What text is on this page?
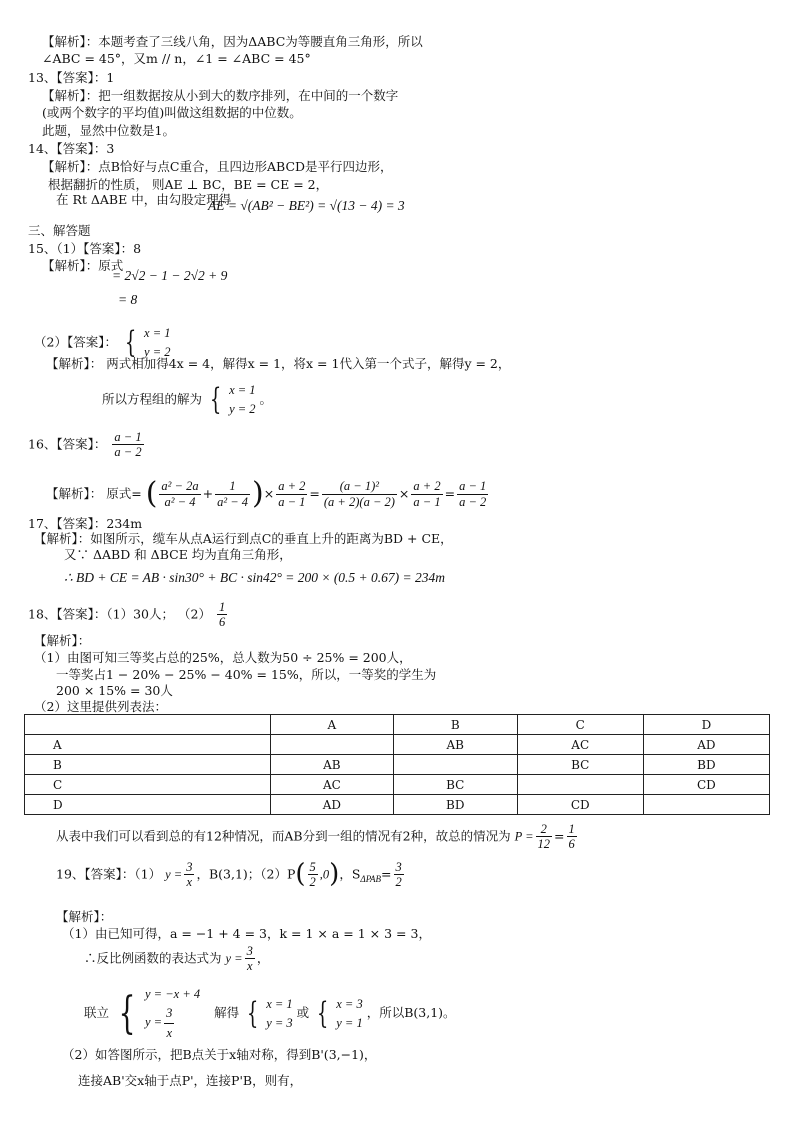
【解析】：本题考查了三线八角，因为ΔABC为等腰直角三角形，所以
∠ABC = 45°，又m // n，∠1 = ∠ABC = 45°
13、【答案】：1
【解析】：把一组数据按从小到大的数序排列，在中间的一个数字
(或两个数字的平均值)叫做这组数据的中位数。
此题，显然中位数是1。
14、【答案】：3
【解析】：点B恰好与点C重合，且四边形ABCD是平行四边形，
根据翻折的性质， 则AE ⊥ BC，BE = CE = 2，
在 Rt ΔABE 中，由勾股定理得
AE = √(AB² − BE²) = √(13 − 4) = 3
三、解答题
15、（1）【答案】：8
【解析】：原式
= 2√2 − 1 − 2√2 + 9
= 8
（2）【答案】： { x = 1
y = 2
【解析】： 两式相加得4x = 4，解得x = 1，将x = 1代入第一个式子，解得y = 2，
所以方程组的解为 { x = 1
y = 2
。
16、【答案】： $\frac{a - 1}{a - 2}$
【解析】： 原式= ( $\frac{\text{a² − 2a}}{\text{a² − 4}} + \frac{1}{\text{a² − 4}}$ )× $\frac{a + 2}{a - 1} = \frac{\text{(a − 1)²}}{(a + 2)(a - 2)} \times \frac{a + 2}{a - 1} = \frac{a - 1}{a - 2}$
17、【答案】：234m
【解析】：如图所示，缆车从点A运行到点C的垂直上升的距离为BD + CE，
又∵ ΔABD 和 ΔBCE 均为直角三角形，
∴ BD + CE = AB · sin30° + BC · sin42° = 200 × (0.5 + 0.67) = 234m
18、【答案】：（1）30人； $(2) \frac{1}{6}$
【解析】：
（1）由图可知三等奖占总的25%，总人数为50 ÷ 25% = 200人，
一等奖占1 − 20% − 25% − 40% = 15%，所以，一等奖的学生为
200 × 15% = 30人
（2）这里提供列表法：
	A	B	C	D
A		AB	AC	AD
B	AB		BC	BD
C	AC	BC		CD
D	AD	BD	CD	
从表中我们可以看到总的有12种情况，而AB分到一组的情况有2种，故总的情况为 $P = \frac{2}{12} = \frac{1}{6}$
19、【答案】：（1） $y = \frac{3}{x}$ ，B(3,1)；$(2)P( \frac{5}{2} ,0)$，$S_{\Delta PAB}= \frac{3}{2}$
【解析】：
（1）由已知可得，a = −1 + 4 = 3，k = 1 × a = 1 × 3 = 3，
∴反比例函数的表达式为 $y = \frac{3}{x}$ ，
联立 { y = −x + 4
$y = \frac{3}{x}$	解得 { x = 1
y = 3
或 { x = 3
y = 1
，所以B(3,1)。
（2）如答图所示，把B点关于x轴对称，得到B'(3,−1)，
连接AB'交x轴于点P'，连接P'B，则有，
